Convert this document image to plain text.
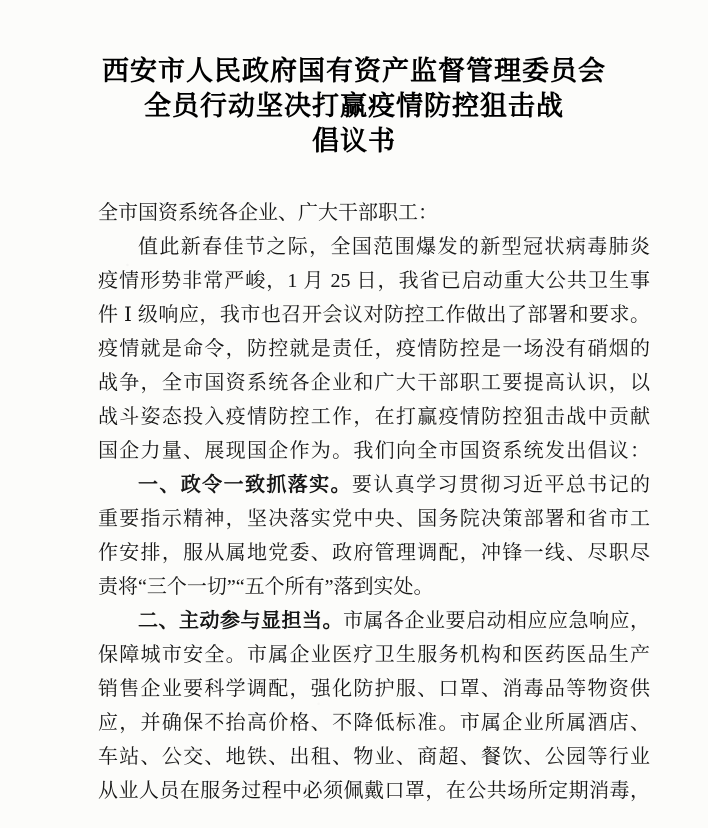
西安市人民政府国有资产监督管理委员会
全员行动坚决打赢疫情防控狙击战
倡议书
全市国资系统各企业、广大干部职工：
值此新春佳节之际，全国范围爆发的新型冠状病毒肺炎
疫情形势非常严峻，1 月 25 日，我省已启动重大公共卫生事
件 Ⅰ 级响应，我市也召开会议对防控工作做出了部署和要求。
疫情就是命令，防控就是责任，疫情防控是一场没有硝烟的
战争，全市国资系统各企业和广大干部职工要提高认识，以
战斗姿态投入疫情防控工作，在打赢疫情防控狙击战中贡献
国企力量、展现国企作为。我们向全市国资系统发出倡议：
一、政令一致抓落实。要认真学习贯彻习近平总书记的
重要指示精神，坚决落实党中央、国务院决策部署和省市工
作安排，服从属地党委、政府管理调配，冲锋一线、尽职尽
责将“三个一切”“五个所有”落到实处。
二、主动参与显担当。市属各企业要启动相应应急响应，
保障城市安全。市属企业医疗卫生服务机构和医药医品生产
销售企业要科学调配，强化防护服、口罩、消毒品等物资供
应，并确保不抬高价格、不降低标准。市属企业所属酒店、
车站、公交、地铁、出租、物业、商超、餐饮、公园等行业
从业人员在服务过程中必须佩戴口罩，在公共场所定期消毒，
